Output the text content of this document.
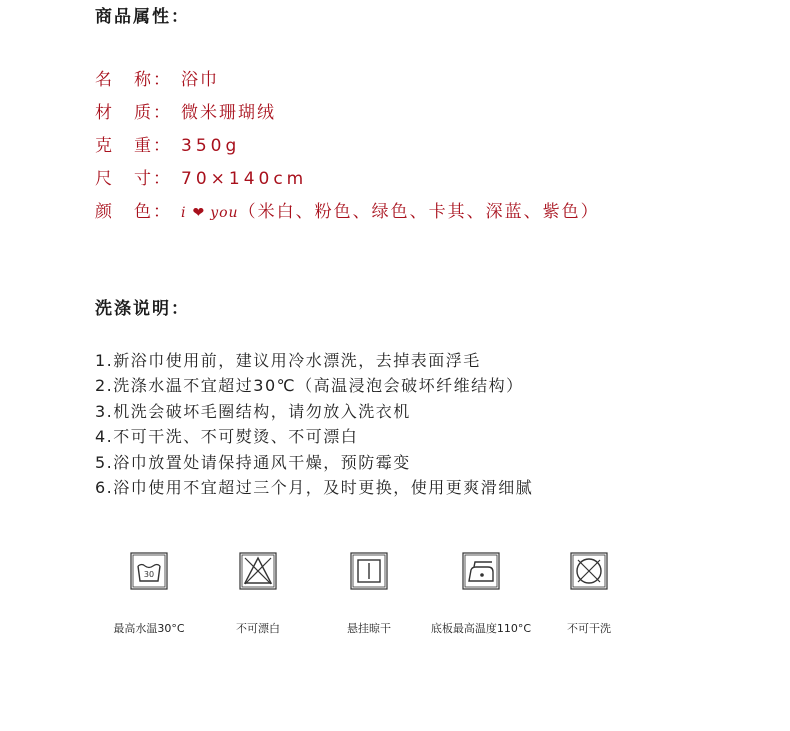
商品属性：
名 称： 浴巾
材 质： 微米珊瑚绒
克 重： 350g
尺 寸： 70×140cm
颜 色： i ❤ you（米白、粉色、绿色、卡其、深蓝、紫色）
洗涤说明：
1.新浴巾使用前，建议用冷水漂洗，去掉表面浮毛
2.洗涤水温不宜超过30℃（高温浸泡会破坏纤维结构）
3.机洗会破坏毛圈结构，请勿放入洗衣机
4.不可干洗、不可熨烫、不可漂白
5.浴巾放置处请保持通风干燥，预防霉变
6.浴巾使用不宜超过三个月，及时更换，使用更爽滑细腻
30
最高水温30°C	不可漂白	悬挂晾干	底板最高温度110°C	不可干洗
